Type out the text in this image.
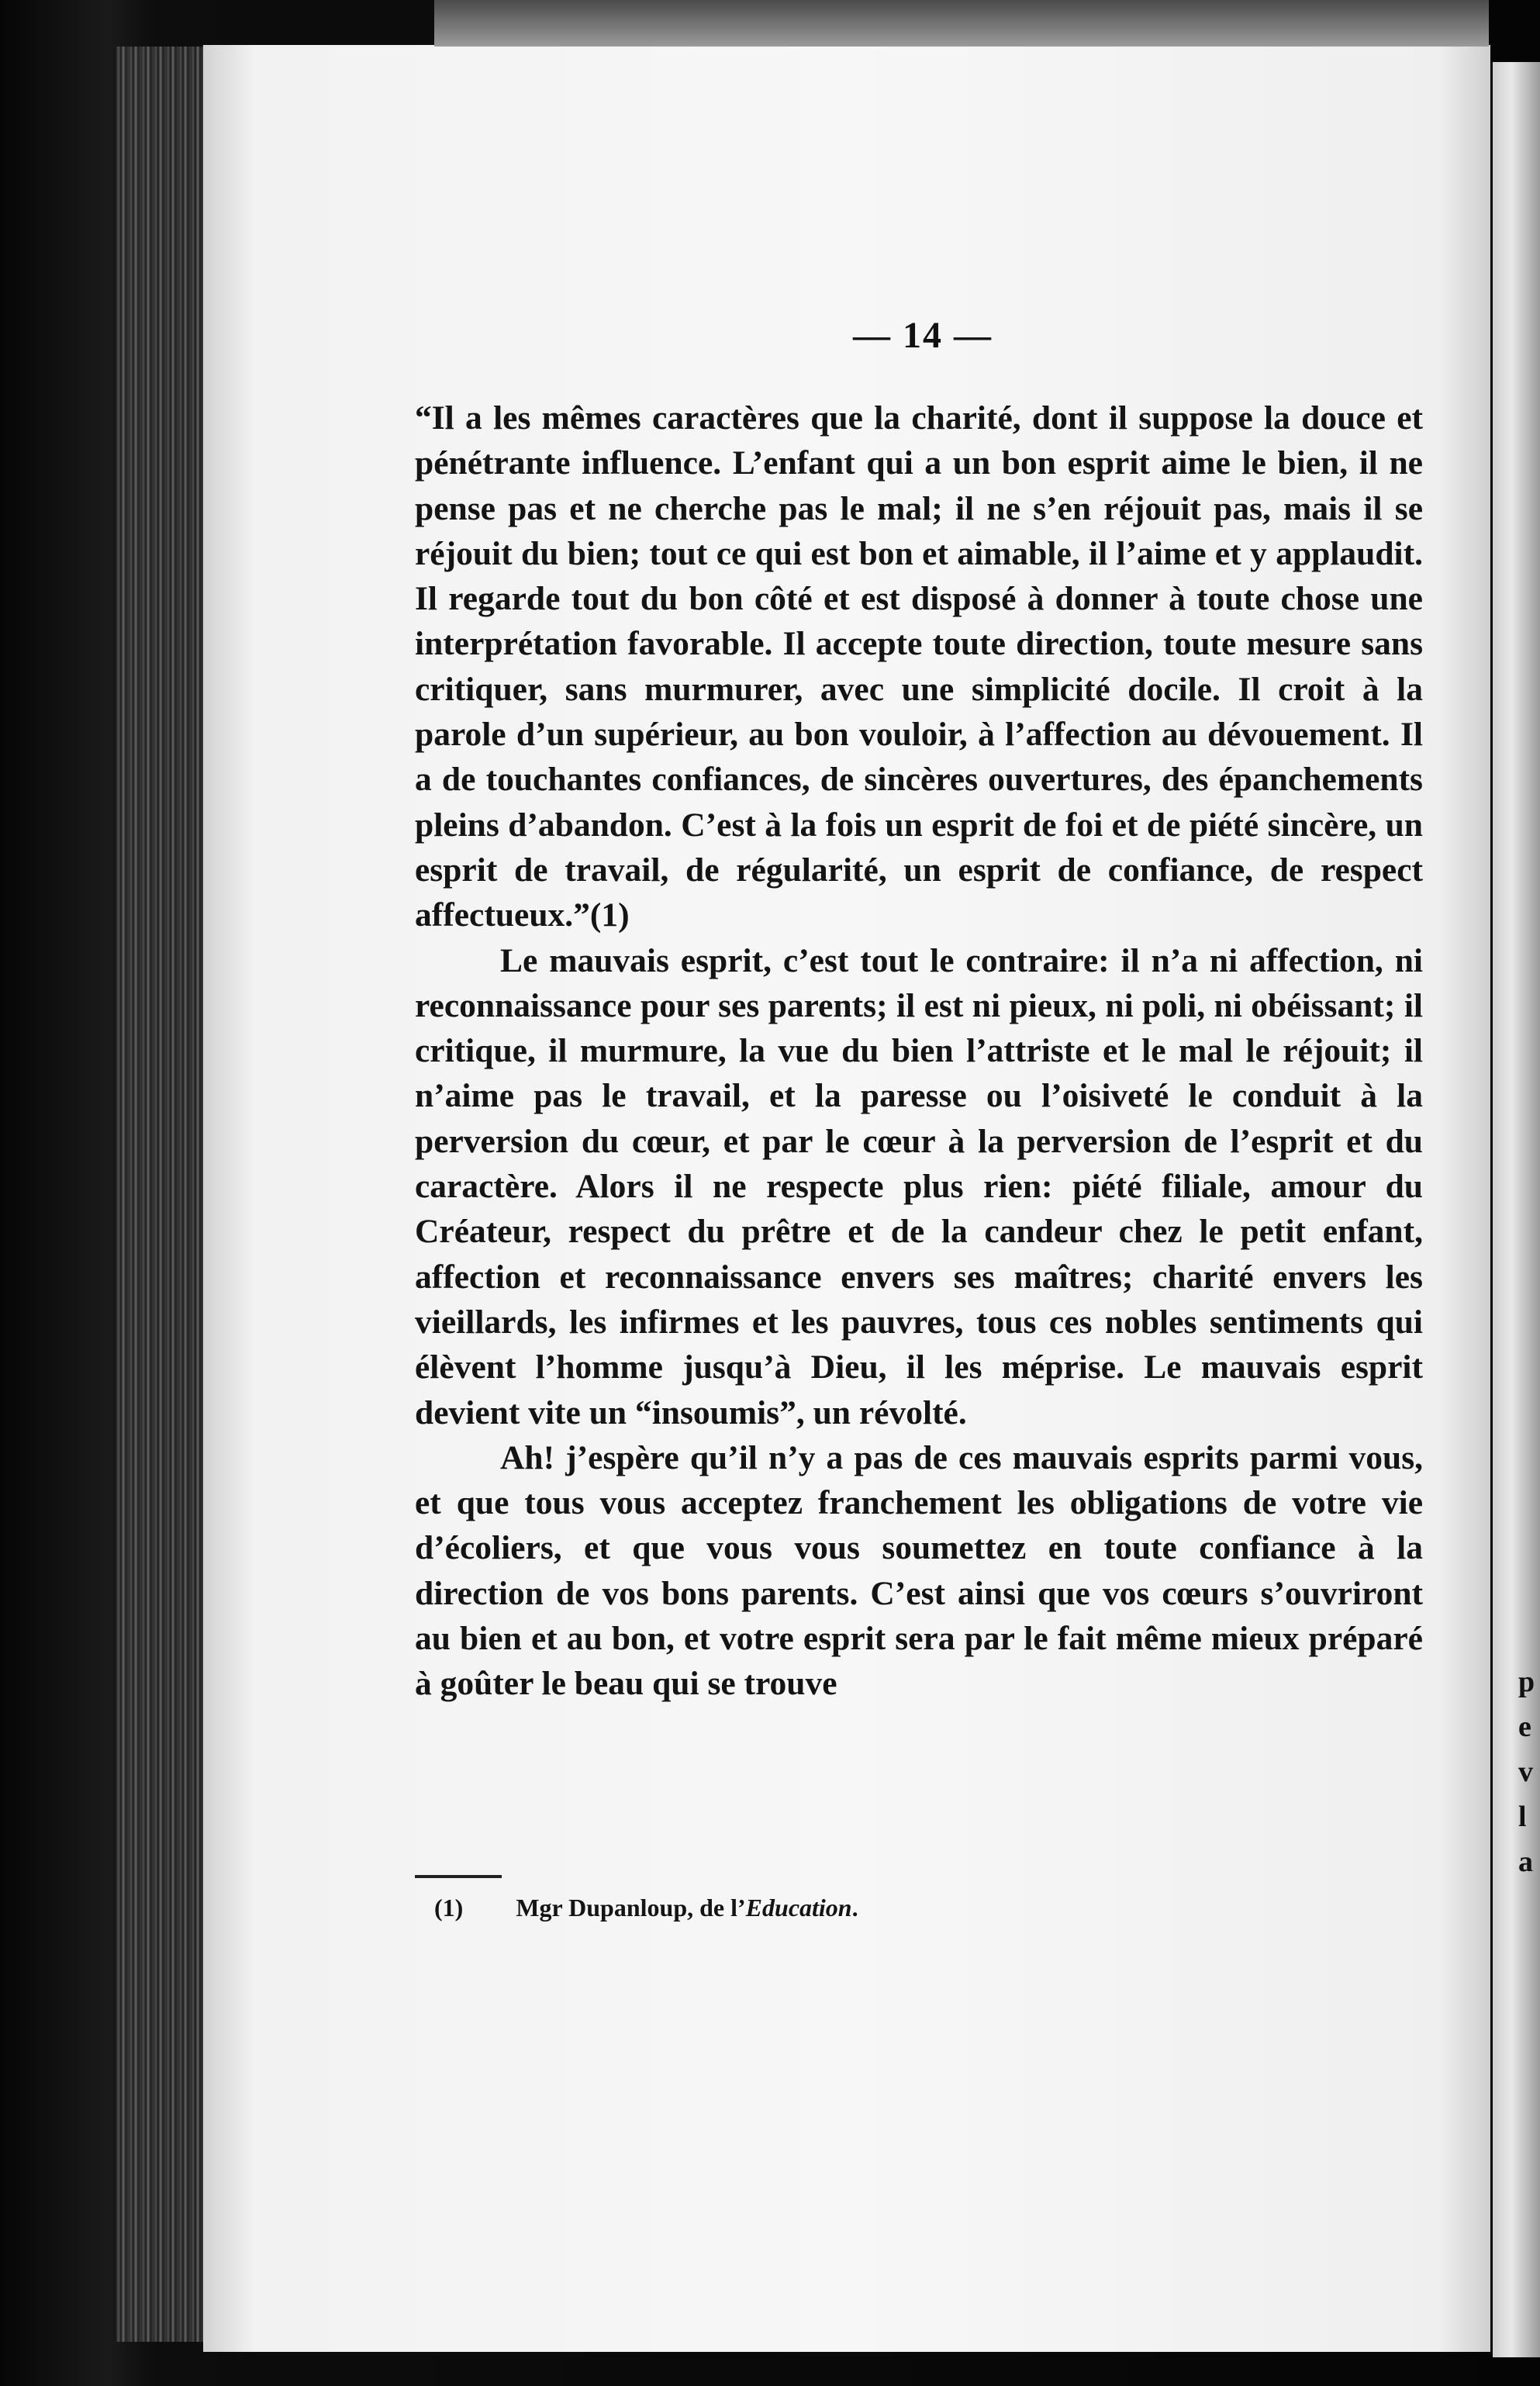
p
e
v
l
a
— 14 —

“Il a les mêmes caractères que la charité, dont il suppose la douce et pénétrante influence. L’enfant qui a un bon esprit aime le bien, il ne pense pas et ne cherche pas le mal; il ne s’en réjouit pas, mais il se réjouit du bien; tout ce qui est bon et aimable, il l’aime et y applaudit. Il regarde tout du bon côté et est disposé à donner à toute chose une interprétation favorable. Il accepte toute direction, toute mesure sans critiquer, sans murmurer, avec une simplicité docile. Il croit à la parole d’un supérieur, au bon vouloir, à l’affection au dévouement. Il a de touchantes confiances, de sincères ouvertures, des épanchements pleins d’abandon. C’est à la fois un esprit de foi et de piété sincère, un esprit de travail, de régularité, un esprit de confiance, de respect affectueux.”(1)

Le mauvais esprit, c’est tout le contraire: il n’a ni affection, ni reconnaissance pour ses parents; il est ni pieux, ni poli, ni obéissant; il critique, il murmure, la vue du bien l’attriste et le mal le réjouit; il n’aime pas le travail, et la paresse ou l’oisiveté le conduit à la perversion du cœur, et par le cœur à la perversion de l’esprit et du caractère. Alors il ne respecte plus rien: piété filiale, amour du Créateur, respect du prêtre et de la candeur chez le petit enfant, affection et reconnaissance envers ses maîtres; charité envers les vieillards, les infirmes et les pauvres, tous ces nobles sentiments qui élèvent l’homme jusqu’à Dieu, il les méprise. Le mauvais esprit devient vite un “insoumis”, un révolté.

Ah! j’espère qu’il n’y a pas de ces mauvais esprits parmi vous, et que tous vous acceptez franchement les obligations de votre vie d’écoliers, et que vous vous soumettez en toute confiance à la direction de vos bons parents. C’est ainsi que vos cœurs s’ouvriront au bien et au bon, et votre esprit sera par le fait même mieux préparé à goûter le beau qui se trouve

(1) Mgr Dupanloup, de l’Education.
